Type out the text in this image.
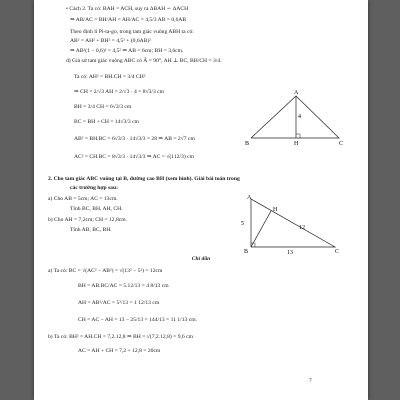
• Cách 2. Ta có: BAH = ACH, suy ra ΔBAH ∽ ΔACH
⇒ AB/AC = BH/AH = AH/AC = 4,5/3 AB = 0,6AB
Theo định lí Pi-ta-go, trong tam giác vuông ABH ta có:
AB² = AH² + BH² = 4,5² + (0,6AB)²
⇒ AB²(1 − 0,6)² = 4,5² ⇒ AB = 6cm; BH = 3,6cm.
d) Giả sử tam giác vuông ABC có Â = 90°, AH ⊥ BC, BH/CH = 3/4.
Ta có: AH² = BH.CH = 3/4 CH²
⇒ CH = 2/√3 AH = 2/√3 · 4 = 8√3/3 cm
BH = 3/4 CH = 6√3/3 cm
BC = BH + CH = 14√3/3 cm
AB² = BH.BC = 6√3/3 · 14√3/3 = 28 ⇒ AB = 2√7 cm
AC² = CH.BC = 8√3/3 · 14√3/3 ⇒ AC = √(112/3) cm
A
B	H	C
4
2. Cho tam giác ABC vuông tại B, đường cao BH (xem hình). Giải bài toán trong
các trường hợp sau:
a) Cho AB = 5cm; AC = 13cm.
Tính BC, BH, AH, CH.
b) Cho AH = 7,2cm; CH = 12,8cm.
Tính AB, BC, BH.
A
H
B	C
5
12
13
Chỉ dẫn
a) Ta có: BC = √(AC² − AB²) = √(13² − 5²) = 12cm
BH = AB.BC/AC = 5.12/13 = 4 8/13 cm
AH = AB²/AC = 5²/13 = 1 12/13 cm
CH = AC − AH = 13 − 25/13 = 144/13 = 11 1/13 cm.
b) Ta có: BH² = AH.CH = 7,2.12,8 ⇒ BH = √(7,2.12,8) = 9,6 cm
AC = AH + CH = 7,2 + 12,8 = 20cm
7
